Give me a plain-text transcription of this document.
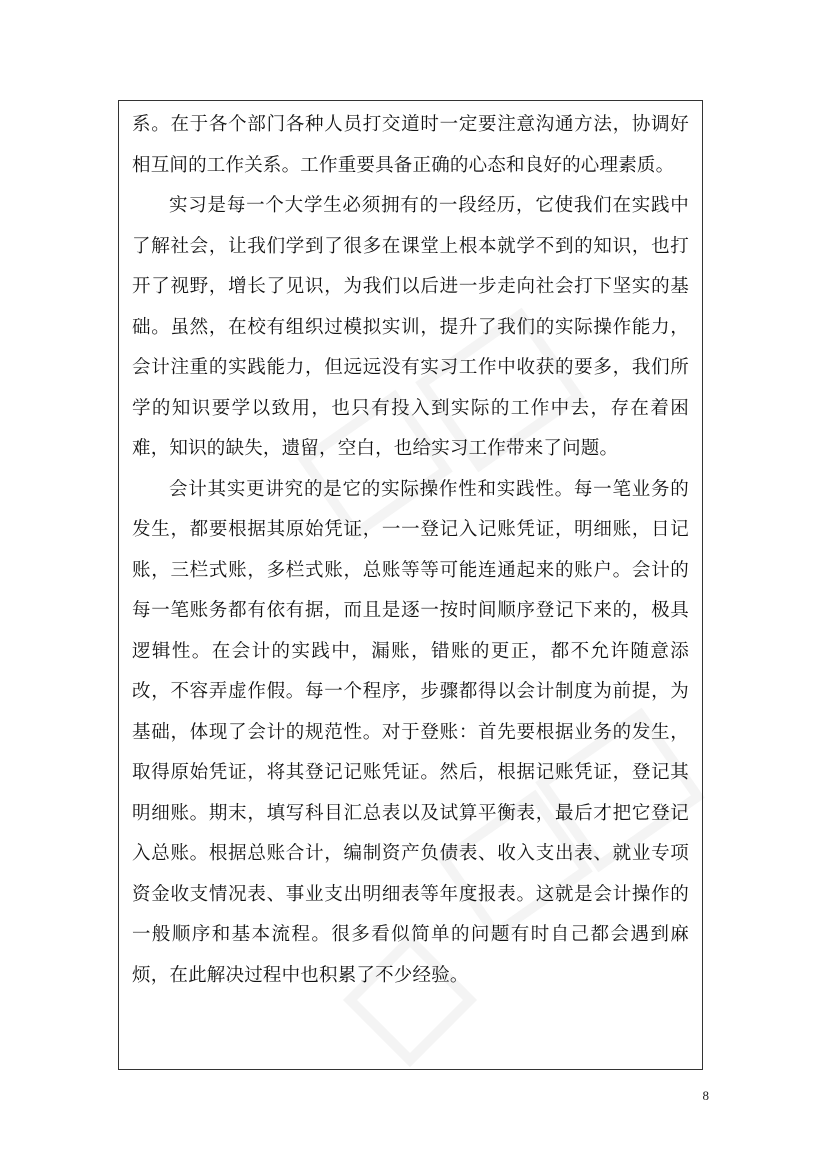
系。在于各个部门各种人员打交道时一定要注意沟通方法，协调好相互间的工作关系。工作重要具备正确的心态和良好的心理素质。

实习是每一个大学生必须拥有的一段经历，它使我们在实践中了解社会，让我们学到了很多在课堂上根本就学不到的知识，也打开了视野，增长了见识，为我们以后进一步走向社会打下坚实的基础。虽然，在校有组织过模拟实训，提升了我们的实际操作能力，会计注重的实践能力，但远远没有实习工作中收获的要多，我们所学的知识要学以致用，也只有投入到实际的工作中去，存在着困难，知识的缺失，遗留，空白，也给实习工作带来了问题。

会计其实更讲究的是它的实际操作性和实践性。每一笔业务的发生，都要根据其原始凭证，一一登记入记账凭证，明细账，日记账，三栏式账，多栏式账，总账等等可能连通起来的账户。会计的每一笔账务都有依有据，而且是逐一按时间顺序登记下来的，极具逻辑性。在会计的实践中，漏账，错账的更正，都不允许随意添改，不容弄虚作假。每一个程序，步骤都得以会计制度为前提，为基础，体现了会计的规范性。对于登账：首先要根据业务的发生，取得原始凭证，将其登记记账凭证。然后，根据记账凭证，登记其明细账。期末，填写科目汇总表以及试算平衡表，最后才把它登记入总账。根据总账合计，编制资产负债表、收入支出表、就业专项资金收支情况表、事业支出明细表等年度报表。这就是会计操作的一般顺序和基本流程。很多看似简单的问题有时自己都会遇到麻烦，在此解决过程中也积累了不少经验。

8
